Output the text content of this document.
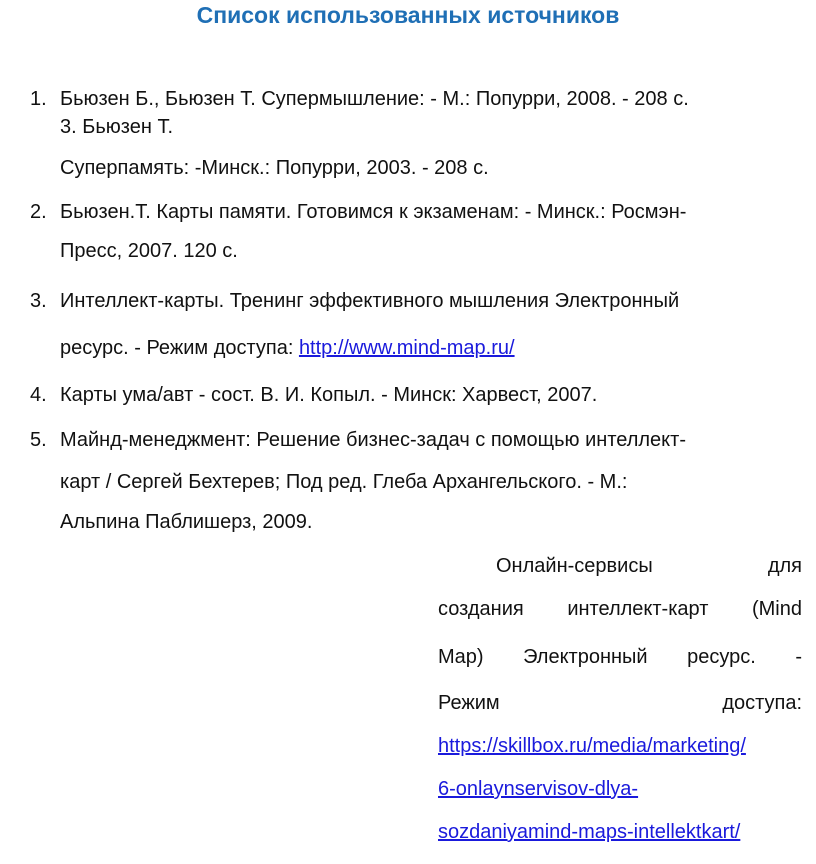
Список использованных источников
1. Бьюзен Б., Бьюзен Т. Супермышление: - М.: Попурри, 2008. - 208 с.
3. Бьюзен Т.
Суперпамять: -Минск.: Попурри, 2003. - 208 с.
2. Бьюзен.Т. Карты памяти. Готовимся к экзаменам: - Минск.: Росмэн-
Пресс, 2007. 120 с.
3. Интеллект-карты. Тренинг эффективного мышления Электронный
ресурс. - Режим доступа: http://www.mind-map.ru/
4. Карты ума/авт - сост. В. И. Копыл. - Минск: Харвест, 2007.
5. Майнд-менеджмент: Решение бизнес-задач с помощью интеллект-
карт / Сергей Бехтерев; Под ред. Глеба Архангельского. - М.:
Альпина Паблишерз, 2009.
Онлайн-сервисы	для
создания интеллект-карт (Mind
Map) Электронный ресурс. -
Режим	доступа:
https://skillbox.ru/media/marketing/
6-onlaynservisov-dlya-
sozdaniyamind-maps-intellektkart/
